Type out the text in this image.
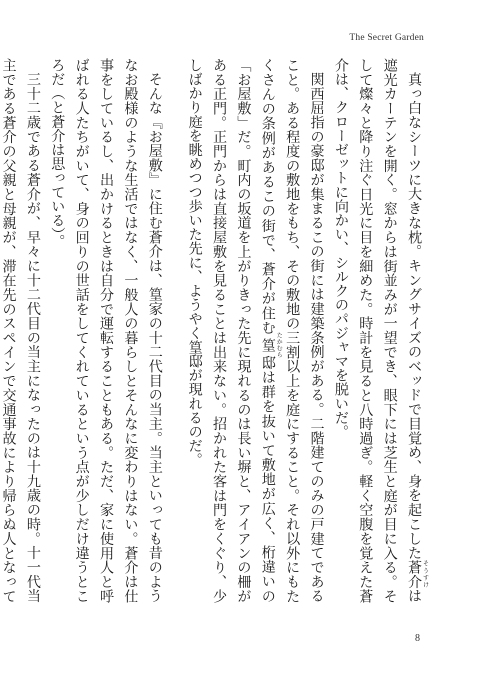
The Secret Garden

真っ白なシーツに大きな枕。キングサイズのベッドで目覚め、身を起こした蒼介 そうすけは遮光カーテンを開く。窓からは街並みが一望でき、眼下には芝生と庭が目に入る。そして燦々と降り注ぐ日光に目を細めた。時計を見ると八時過ぎ。軽く空腹を覚えた蒼介は、クローゼットに向かい、シルクのパジャマを脱いだ。

関西屈指の豪邸が集まるこの街には建築条例がある。二階建てのみの戸建てであること。ある程度の敷地をもち、その敷地の三割以上を庭にすること。それ以外にもたくさんの条例があるこの街で、蒼介が住む篁 たかむら邸は群を抜いて敷地が広く、桁違いの「お屋敷」だ。町内の坂道を上がりきった先に現れるのは長い塀と、アイアンの柵がある正門。正門からは直接屋敷を見ることは出来ない。招かれた客は門をくぐり、少しばかり庭を眺めつつ歩いた先に、ようやく篁邸が現れるのだ。

そんな『お屋敷』に住む蒼介は、篁家の十二代目の当主。当主といっても昔のようなお殿様のような生活ではなく、一般人の暮らしとそんなに変わりはない。蒼介は仕事をしているし、出かけるときは自分で運転することもある。ただ、家に使用人と呼ばれる人たちがいて、身の回りの世話をしてくれているという点が少しだけ違うところだ（と蒼介は思っている）。

三十二歳である蒼介が、早々に十二代目の当主になったのは十九歳の時。十一代当主である蒼介の父親と母親が、滞在先のスペインで交通事故により帰らぬ人となって

8
